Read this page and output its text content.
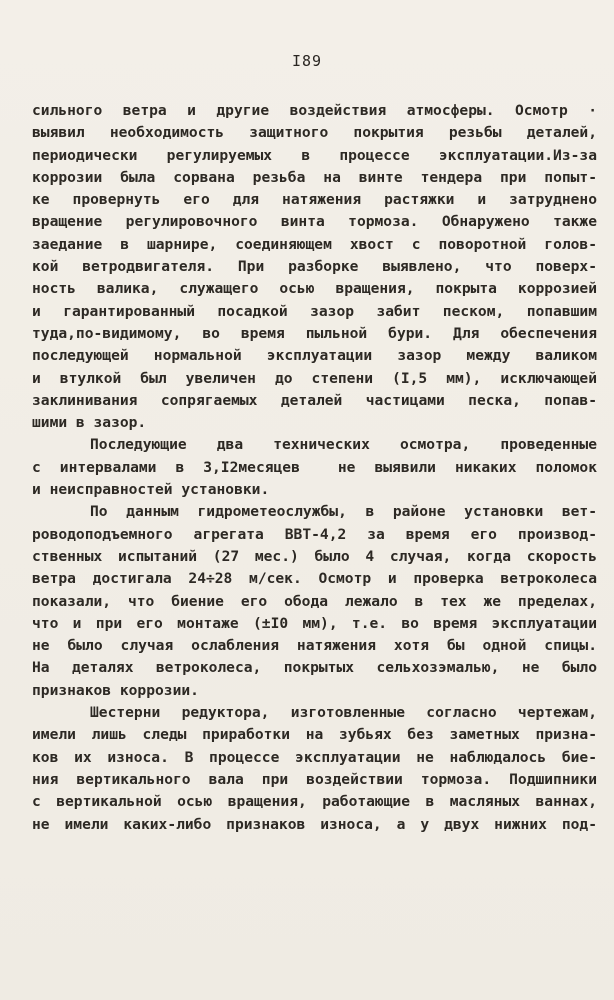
I89
сильного ветра и другие воздействия атмосферы. Осмотр ·
выявил необходимость защитного покрытия резьбы деталей,
периодически регулируемых в процессе эксплуатации.Из-за
коррозии была сорвана резьба на винте тендера при попыт-
ке провернуть его для натяжения растяжки и затруднено
вращение регулировочного винта тормоза. Обнаружено также
заедание в шарнире, соединяющем хвост с поворотной голов-
кой ветродвигателя. При разборке выявлено, что поверх-
ность валика, служащего осью вращения, покрыта коррозией
и гарантированный посадкой зазор забит песком, попавшим
туда,по-видимому, во время пыльной бури. Для обеспечения
последующей нормальной эксплуатации зазор между валиком
и втулкой был увеличен до степени (I,5 мм), исключающей
заклинивания сопрягаемых деталей частицами песка, попав-
шими в зазор.
Последующие два технических осмотра, проведенные
с интервалами в 3,I2месяцев  не выявили никаких поломок
и неисправностей установки.
По данным гидрометеослужбы, в районе установки вет-
роводоподъемного агрегата ВВТ-4,2 за время его производ-
ственных испытаний (27 мес.) было 4 случая, когда скорость
ветра достигала 24÷28 м/сек. Осмотр и проверка ветроколеса
показали, что биение его обода лежало в тех же пределах,
что и при его монтаже (±I0 мм), т.е. во время эксплуатации
не было случая ослабления натяжения хотя бы одной спицы.
На деталях ветроколеса, покрытых сельхозэмалью, не было
признаков коррозии.
Шестерни редуктора, изготовленные согласно чертежам,
имели лишь следы приработки на зубьях без заметных призна-
ков их износа. В процессе эксплуатации не наблюдалось бие-
ния вертикального вала при воздействии тормоза. Подшипники
с вертикальной осью вращения, работающие в масляных ваннах,
не имели каких-либо признаков износа, а у двух нижних под-
